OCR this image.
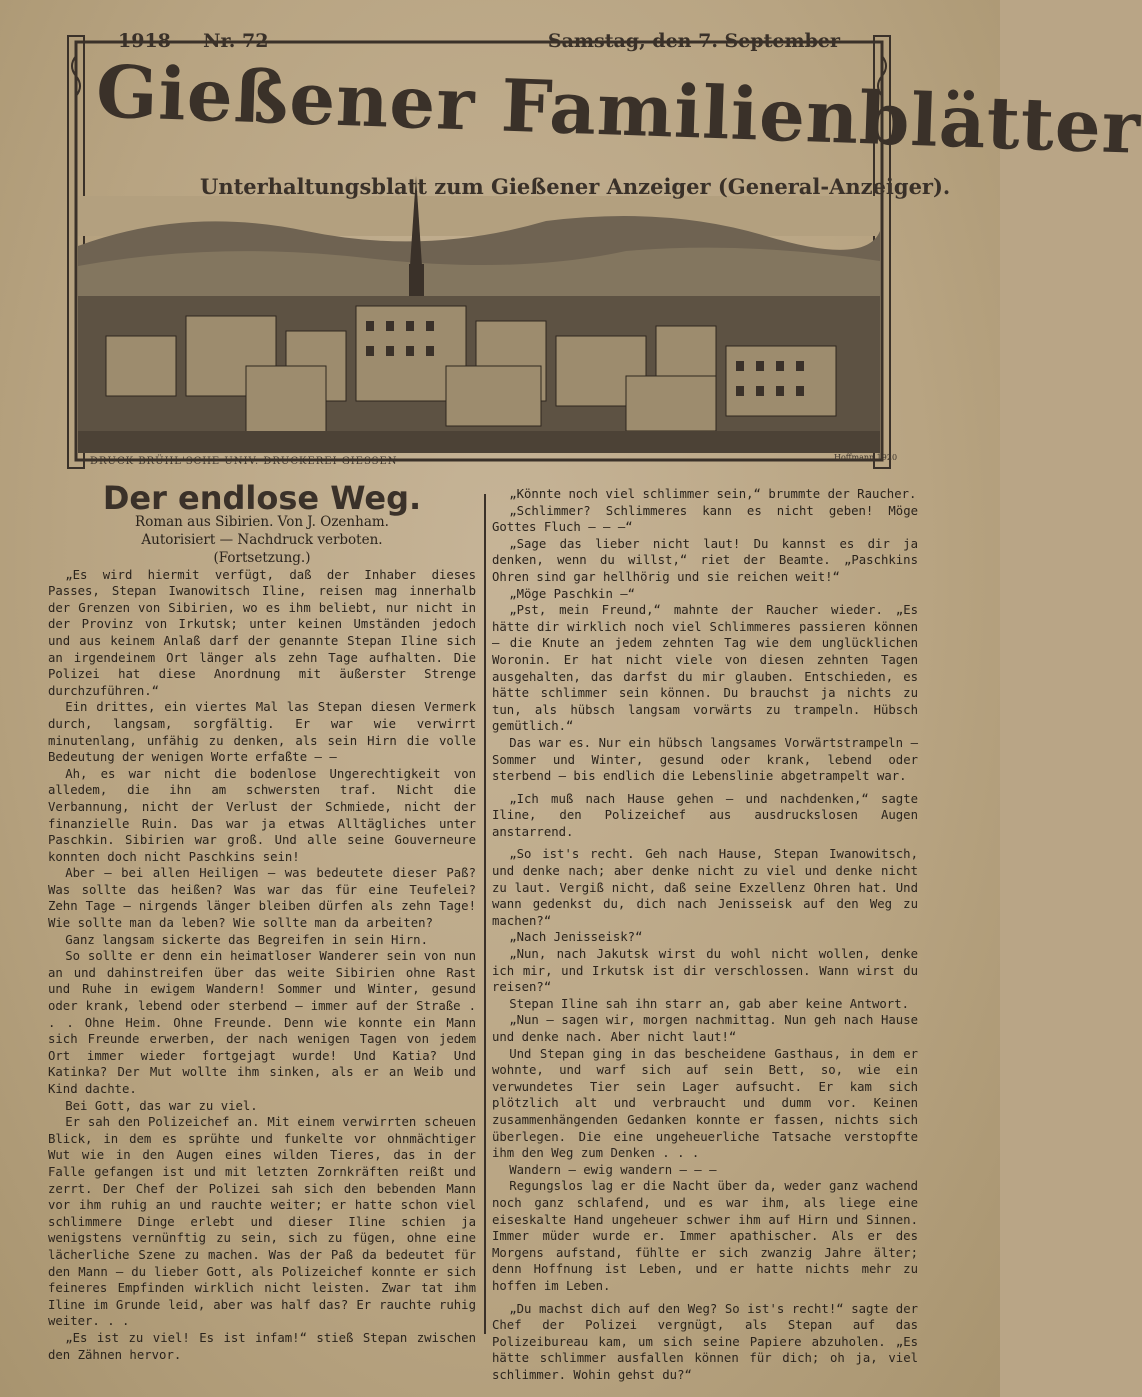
1918 — Nr. 72	Samstag, den 7. September
Gießener Familienblätter
Unterhaltungsblatt zum Gießener Anzeiger (General-Anzeiger).
DRUCK BRÜHL'SCHE UNIV. DRUCKEREI GIESSEN	Hoffmann 1920
Der endlose Weg.
Roman aus Sibirien. Von J. Ozenham.
Autorisiert — Nachdruck verboten.
(Fortsetzung.)

„Es wird hiermit verfügt, daß der Inhaber dieses Passes, Stepan Iwanowitsch Iline, reisen mag innerhalb der Grenzen von Sibirien, wo es ihm beliebt, nur nicht in der Provinz von Irkutsk; unter keinen Umständen jedoch und aus keinem Anlaß darf der genannte Stepan Iline sich an irgendeinem Ort länger als zehn Tage aufhalten. Die Polizei hat diese Anordnung mit äußerster Strenge durchzuführen.“

Ein drittes, ein viertes Mal las Stepan diesen Vermerk durch, langsam, sorgfältig. Er war wie verwirrt minutenlang, unfähig zu denken, als sein Hirn die volle Bedeutung der wenigen Worte erfaßte — —

Ah, es war nicht die bodenlose Ungerechtigkeit von alledem, die ihn am schwersten traf. Nicht die Verbannung, nicht der Verlust der Schmiede, nicht der finanzielle Ruin. Das war ja etwas Alltägliches unter Paschkin. Sibirien war groß. Und alle seine Gouverneure konnten doch nicht Paschkins sein!

Aber — bei allen Heiligen — was bedeutete dieser Paß? Was sollte das heißen? Was war das für eine Teufelei? Zehn Tage — nirgends länger bleiben dürfen als zehn Tage! Wie sollte man da leben? Wie sollte man da arbeiten?

Ganz langsam sickerte das Begreifen in sein Hirn.

So sollte er denn ein heimatloser Wanderer sein von nun an und dahinstreifen über das weite Sibirien ohne Rast und Ruhe in ewigem Wandern! Sommer und Winter, gesund oder krank, lebend oder sterbend — immer auf der Straße . . . Ohne Heim. Ohne Freunde. Denn wie konnte ein Mann sich Freunde erwerben, der nach wenigen Tagen von jedem Ort immer wieder fortgejagt wurde! Und Katia? Und Katinka? Der Mut wollte ihm sinken, als er an Weib und Kind dachte.

Bei Gott, das war zu viel.

Er sah den Polizeichef an. Mit einem verwirrten scheuen Blick, in dem es sprühte und funkelte vor ohnmächtiger Wut wie in den Augen eines wilden Tieres, das in der Falle gefangen ist und mit letzten Zornkräften reißt und zerrt. Der Chef der Polizei sah sich den bebenden Mann vor ihm ruhig an und rauchte weiter; er hatte schon viel schlimmere Dinge erlebt und dieser Iline schien ja wenigstens vernünftig zu sein, sich zu fügen, ohne eine lächerliche Szene zu machen. Was der Paß da bedeutet für den Mann — du lieber Gott, als Polizeichef konnte er sich feineres Empfinden wirklich nicht leisten. Zwar tat ihm Iline im Grunde leid, aber was half das? Er rauchte ruhig weiter. . .

„Es ist zu viel! Es ist infam!“ stieß Stepan zwischen den Zähnen hervor.

„Könnte noch viel schlimmer sein,“ brummte der Raucher.

„Schlimmer? Schlimmeres kann es nicht geben! Möge Gottes Fluch — — —“

„Sage das lieber nicht laut! Du kannst es dir ja denken, wenn du willst,“ riet der Beamte. „Paschkins Ohren sind gar hellhörig und sie reichen weit!“

„Möge Paschkin —“

„Pst, mein Freund,“ mahnte der Raucher wieder. „Es hätte dir wirklich noch viel Schlimmeres passieren können — die Knute an jedem zehnten Tag wie dem unglücklichen Woronin. Er hat nicht viele von diesen zehnten Tagen ausgehalten, das darfst du mir glauben. Entschieden, es hätte schlimmer sein können. Du brauchst ja nichts zu tun, als hübsch langsam vorwärts zu trampeln. Hübsch gemütlich.“

Das war es. Nur ein hübsch langsames Vorwärtstrampeln — Sommer und Winter, gesund oder krank, lebend oder sterbend — bis endlich die Lebenslinie abgetrampelt war.

„Ich muß nach Hause gehen — und nachdenken,“ sagte Iline, den Polizeichef aus ausdruckslosen Augen anstarrend.

„So ist's recht. Geh nach Hause, Stepan Iwanowitsch, und denke nach; aber denke nicht zu viel und denke nicht zu laut. Vergiß nicht, daß seine Exzellenz Ohren hat. Und wann gedenkst du, dich nach Jenisseisk auf den Weg zu machen?“

„Nach Jenisseisk?“

„Nun, nach Jakutsk wirst du wohl nicht wollen, denke ich mir, und Irkutsk ist dir verschlossen. Wann wirst du reisen?“

Stepan Iline sah ihn starr an, gab aber keine Antwort.

„Nun — sagen wir, morgen nachmittag. Nun geh nach Hause und denke nach. Aber nicht laut!“

Und Stepan ging in das bescheidene Gasthaus, in dem er wohnte, und warf sich auf sein Bett, so, wie ein verwundetes Tier sein Lager aufsucht. Er kam sich plötzlich alt und verbraucht und dumm vor. Keinen zusammenhängenden Gedanken konnte er fassen, nichts sich überlegen. Die eine ungeheuerliche Tatsache verstopfte ihm den Weg zum Denken . . .

Wandern — ewig wandern — — —

Regungslos lag er die Nacht über da, weder ganz wachend noch ganz schlafend, und es war ihm, als liege eine eiseskalte Hand ungeheuer schwer ihm auf Hirn und Sinnen. Immer müder wurde er. Immer apathischer. Als er des Morgens aufstand, fühlte er sich zwanzig Jahre älter; denn Hoffnung ist Leben, und er hatte nichts mehr zu hoffen im Leben.

„Du machst dich auf den Weg? So ist's recht!“ sagte der Chef der Polizei vergnügt, als Stepan auf das Polizeibureau kam, um sich seine Papiere abzuholen. „Es hätte schlimmer ausfallen können für dich; oh ja, viel schlimmer. Wohin gehst du?“
